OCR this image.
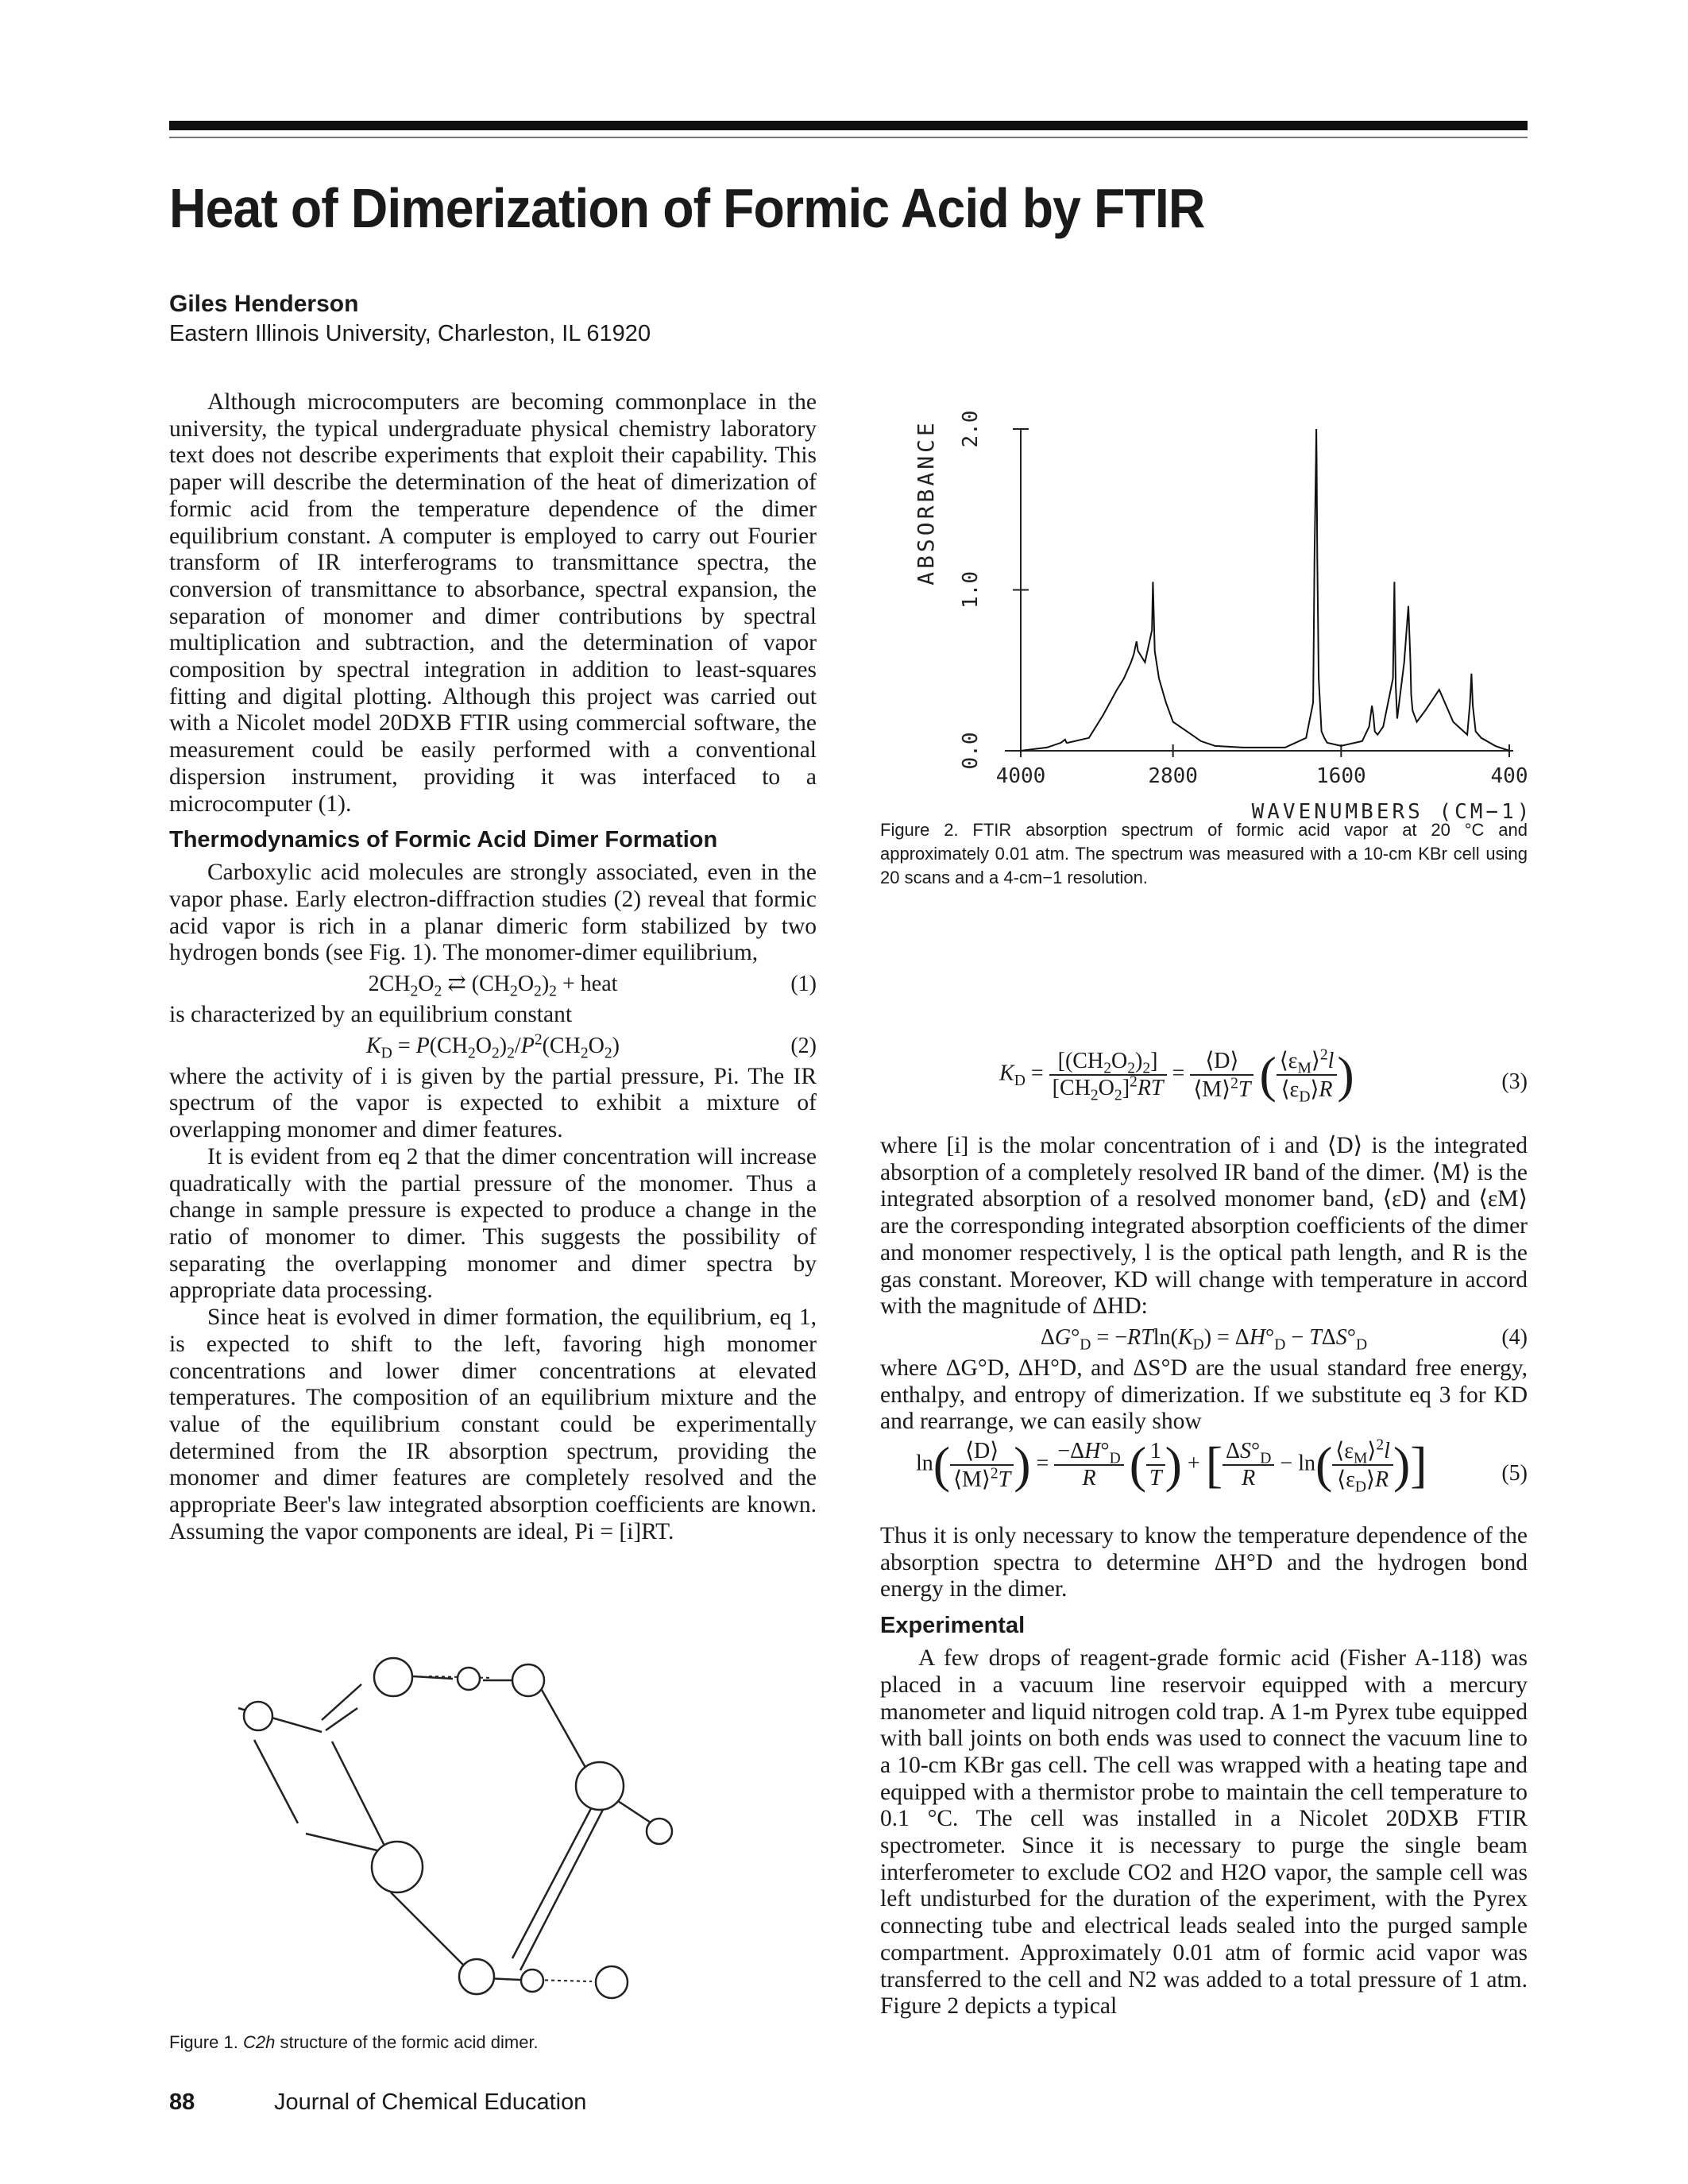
Heat of Dimerization of Formic Acid by FTIR
Giles Henderson
Eastern Illinois University, Charleston, IL 61920

Although microcomputers are becoming commonplace in the university, the typical undergraduate physical chemistry laboratory text does not describe experiments that exploit their capability. This paper will describe the determination of the heat of dimerization of formic acid from the temperature dependence of the dimer equilibrium constant. A computer is employed to carry out Fourier transform of IR interferograms to transmittance spectra, the conversion of transmittance to absorbance, spectral expansion, the separation of monomer and dimer contributions by spectral multiplication and subtraction, and the determination of vapor composition by spectral integration in addition to least-squares fitting and digital plotting. Although this project was carried out with a Nicolet model 20DXB FTIR using commercial software, the measurement could be easily performed with a conventional dispersion instrument, providing it was interfaced to a microcomputer (1).

Thermodynamics of Formic Acid Dimer Formation

Carboxylic acid molecules are strongly associated, even in the vapor phase. Early electron-diffraction studies (2) reveal that formic acid vapor is rich in a planar dimeric form stabilized by two hydrogen bonds (see Fig. 1). The monomer-dimer equilibrium,

$2CH_2O_2$ ⇄ $(CH_2O_2)_2$ + heat	(1)

is characterized by an equilibrium constant

$K_D = P(CH_2O_2)_2/P^2(CH_2O_2)$	(2)

where the activity of i is given by the partial pressure, Pi. The IR spectrum of the vapor is expected to exhibit a mixture of overlapping monomer and dimer features.

It is evident from eq 2 that the dimer concentration will increase quadratically with the partial pressure of the monomer. Thus a change in sample pressure is expected to produce a change in the ratio of monomer to dimer. This suggests the possibility of separating the overlapping monomer and dimer spectra by appropriate data processing.

Since heat is evolved in dimer formation, the equilibrium, eq 1, is expected to shift to the left, favoring high monomer concentrations and lower dimer concentrations at elevated temperatures. The composition of an equilibrium mixture and the value of the equilibrium constant could be experimentally determined from the IR absorption spectrum, providing the monomer and dimer features are completely resolved and the appropriate Beer's law integrated absorption coefficients are known. Assuming the vapor components are ideal, Pi = [i]RT.

Figure 1. C2h structure of the formic acid dimer.
0.0
1.0
2.0
4000	2800	1600	400
ABSORBANCE
WAVENUMBERS (CM−1)
Figure 2. FTIR absorption spectrum of formic acid vapor at 20 °C and approximately 0.01 atm. The spectrum was measured with a 10-cm KBr cell using 20 scans and a 4-cm−1 resolution.
$K_D = \frac{[(CH_2O_2)_2]}{[CH_2O_2]^2RT} = \frac{⟨D⟩}{⟨M⟩^2T}$ ( $\frac{⟨\varepsilon_M⟩^2l}{⟨\varepsilon_D⟩R}$ )	(3)

where [i] is the molar concentration of i and ⟨D⟩ is the integrated absorption of a completely resolved IR band of the dimer. ⟨M⟩ is the integrated absorption of a resolved monomer band, ⟨εD⟩ and ⟨εM⟩ are the corresponding integrated absorption coefficients of the dimer and monomer respectively, l is the optical path length, and R is the gas constant. Moreover, KD will change with temperature in accord with the magnitude of ΔHD:

$\Delta G^\circ_D = -RTln(K_D) = \Delta H^\circ_D - T\Delta S^\circ_D$	(4)

where ΔG°D, ΔH°D, and ΔS°D are the usual standard free energy, enthalpy, and entropy of dimerization. If we substitute eq 3 for KD and rearrange, we can easily show

$\ln( \frac{⟨D⟩}{⟨M⟩^2T}$ ) = $\frac{-\Delta H^\circ_D}{R}$ ( $\frac{1}{T}$ ) + [ $\frac{\Delta S^\circ_D}{R} - \ln( \frac{⟨\varepsilon_M⟩^2l}{⟨\varepsilon_D⟩R}$ )]	(5)

Thus it is only necessary to know the temperature dependence of the absorption spectra to determine ΔH°D and the hydrogen bond energy in the dimer.

Experimental

A few drops of reagent-grade formic acid (Fisher A-118) was placed in a vacuum line reservoir equipped with a mercury manometer and liquid nitrogen cold trap. A 1-m Pyrex tube equipped with ball joints on both ends was used to connect the vacuum line to a 10-cm KBr gas cell. The cell was wrapped with a heating tape and equipped with a thermistor probe to maintain the cell temperature to 0.1 °C. The cell was installed in a Nicolet 20DXB FTIR spectrometer. Since it is necessary to purge the single beam interferometer to exclude CO2 and H2O vapor, the sample cell was left undisturbed for the duration of the experiment, with the Pyrex connecting tube and electrical leads sealed into the purged sample compartment. Approximately 0.01 atm of formic acid vapor was transferred to the cell and N2 was added to a total pressure of 1 atm. Figure 2 depicts a typical

88	Journal of Chemical Education
